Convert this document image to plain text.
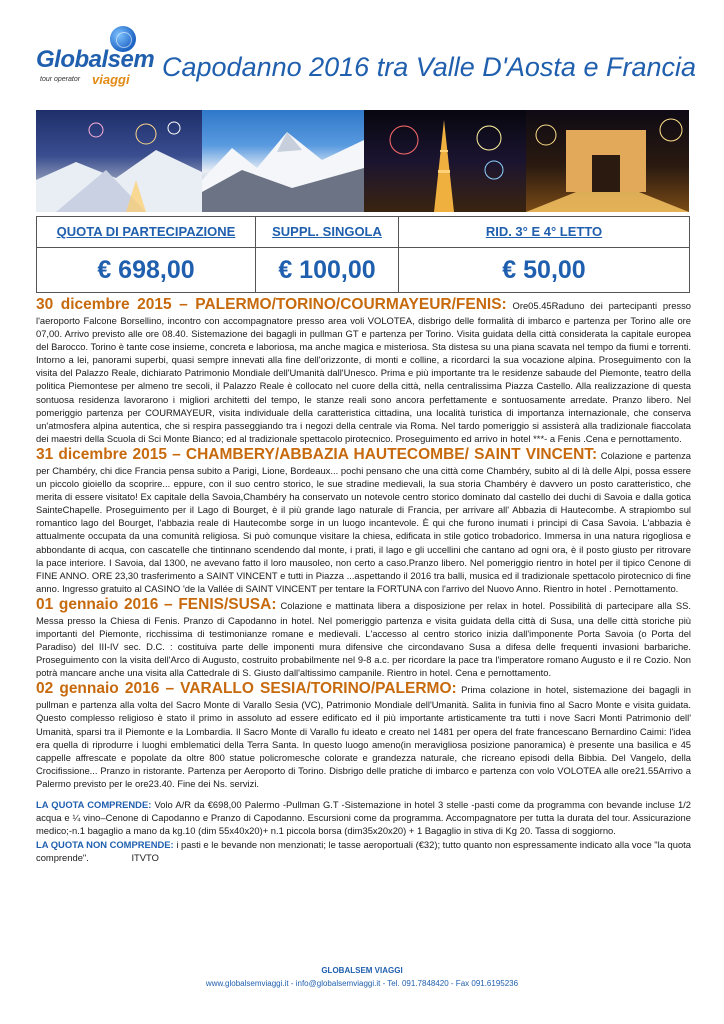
Globalsem
tour operator viaggi Capodanno 2016 tra Valle D'Aosta e Francia
QUOTA DI PARTECIPAZIONE
€ 698,00
SUPPL. SINGOLA
€ 100,00
RID. 3° E 4° LETTO
€ 50,00

30 dicembre 2015 – PALERMO/TORINO/COURMAYEUR/FENIS: Ore05.45Raduno dei partecipanti presso l'aeroporto Falcone Borsellino, incontro con accompagnatore presso area voli VOLOTEA, disbrigo delle formalità di imbarco e partenza per Torino alle ore 07,00. Arrivo previsto alle ore 08.40. Sistemazione dei bagagli in pullman GT e partenza per Torino. Visita guidata della città considerata la capitale europea del Barocco. Torino è tante cose insieme, concreta e laboriosa, ma anche magica e misteriosa. Sta distesa su una piana scavata nel tempo da fiumi e torrenti. Intorno a lei, panorami superbi, quasi sempre innevati alla fine dell'orizzonte, di monti e colline, a ricordarci la sua vocazione alpina. Proseguimento con la visita del Palazzo Reale, dichiarato Patrimonio Mondiale dell'Umanità dall'Unesco. Prima e più importante tra le residenze sabaude del Piemonte, teatro della politica Piemontese per almeno tre secoli, il Palazzo Reale è collocato nel cuore della città, nella centralissima Piazza Castello. Alla realizzazione di questa sontuosa residenza lavorarono i migliori architetti del tempo, le stanze reali sono ancora perfettamente e sontuosamente arredate. Pranzo libero. Nel pomeriggio partenza per COURMAYEUR, visita individuale della caratteristica cittadina, una località turistica di importanza internazionale, che conserva un'atmosfera alpina autentica, che si respira passeggiando tra i negozi della centrale via Roma. Nel tardo pomeriggio si assisterà alla tradizionale fiaccolata dei maestri della Scuola di Sci Monte Bianco; ed al tradizionale spettacolo pirotecnico. Proseguimento ed arrivo in hotel ***- a Fenis .Cena e pernottamento.

31 dicembre 2015 – CHAMBERY/ABBAZIA HAUTECOMBE/ SAINT VINCENT: Colazione e partenza per Chambéry, chi dice Francia pensa subito a Parigi, Lione, Bordeaux... pochi pensano che una città come Chambéry, subito al di là delle Alpi, possa essere un piccolo gioiello da scoprire... eppure, con il suo centro storico, le sue stradine medievali, la sua storia Chambéry è davvero un posto caratteristico, che merita di essere visitato! Ex capitale della Savoia,Chambéry ha conservato un notevole centro storico dominato dal castello dei duchi di Savoia e dalla gotica SainteChapelle. Proseguimento per il Lago di Bourget, è il più grande lago naturale di Francia, per arrivare all' Abbazia di Hautecombe. A strapiombo sul romantico lago del Bourget, l'abbazia reale di Hautecombe sorge in un luogo incantevole. È qui che furono inumati i principi di Casa Savoia. L'abbazia è attualmente occupata da una comunità religiosa. Si può comunque visitare la chiesa, edificata in stile gotico trobadorico. Immersa in una natura rigogliosa e abbondante di acqua, con cascatelle che tintinnano scendendo dal monte, i prati, il lago e gli uccellini che cantano ad ogni ora, è il posto giusto per ritrovare la pace interiore. I Savoia, dal 1300, ne avevano fatto il loro mausoleo, non certo a caso.Pranzo libero. Nel pomeriggio rientro in hotel per il tipico Cenone di FINE ANNO. ORE 23,30 trasferimento a SAINT VINCENT e tutti in Piazza ...aspettando il 2016 tra balli, musica ed il tradizionale spettacolo pirotecnico di fine anno. Ingresso gratuito al CASINO 'de la Vallée di SAINT VINCENT per tentare la FORTUNA con l'arrivo del Nuovo Anno. Rientro in hotel . Pernottamento.

01 gennaio 2016 – FENIS/SUSA: Colazione e mattinata libera a disposizione per relax in hotel. Possibilità di partecipare alla SS. Messa presso la Chiesa di Fenis. Pranzo di Capodanno in hotel. Nel pomeriggio partenza e visita guidata della città di Susa, una delle città storiche più importanti del Piemonte, ricchissima di testimonianze romane e medievali. L'accesso al centro storico inizia dall'imponente Porta Savoia (o Porta del Paradiso) del III-IV sec. D.C. : costituiva parte delle imponenti mura difensive che circondavano Susa a difesa delle frequenti invasioni barbariche. Proseguimento con la visita dell'Arco di Augusto, costruito probabilmente nel 9-8 a.c. per ricordare la pace tra l'imperatore romano Augusto e il re Cozio. Non potrà mancare anche una visita alla Cattedrale di S. Giusto dall'altissimo campanile. Rientro in hotel. Cena e pernottamento.

02 gennaio 2016 – VARALLO SESIA/TORINO/PALERMO: Prima colazione in hotel, sistemazione dei bagagli in pullman e partenza alla volta del Sacro Monte di Varallo Sesia (VC), Patrimonio Mondiale dell'Umanità. Salita in funivia fino al Sacro Monte e visita guidata. Questo complesso religioso è stato il primo in assoluto ad essere edificato ed il più importante artisticamente tra tutti i nove Sacri Monti Patrimonio dell' Umanità, sparsi tra il Piemonte e la Lombardia. Il Sacro Monte di Varallo fu ideato e creato nel 1481 per opera del frate francescano Bernardino Caimi: l'idea era quella di riprodurre i luoghi emblematici della Terra Santa. In questo luogo ameno(in meravigliosa posizione panoramica) è presente una basilica e 45 cappelle affrescate e popolate da oltre 800 statue policromesche colorate e grandezza naturale, che ricreano episodi della Bibbia. Del Vangelo, della Crocifissione... Pranzo in ristorante. Partenza per Aeroporto di Torino. Disbrigo delle pratiche di imbarco e partenza con volo VOLOTEA alle ore21.55Arrivo a Palermo previsto per le ore23.40. Fine dei Ns. servizi.

LA QUOTA COMPRENDE: Volo A/R da €698,00 Palermo -Pullman G.T -Sistemazione in hotel 3 stelle -pasti come da programma con bevande incluse 1/2 acqua e ¼ vino–Cenone di Capodanno e Pranzo di Capodanno. Escursioni come da programma. Accompagnatore per tutta la durata del tour. Assicurazione medico;-n.1 bagaglio a mano da kg.10 (dim 55x40x20)+ n.1 piccola borsa (dim35x20x20) + 1 Bagaglio in stiva di Kg 20. Tassa di soggiorno.

LA QUOTA NON COMPRENDE: i pasti e le bevande non menzionati; le tasse aeroportuali (€32); tutto quanto non espressamente indicato alla voce "la quota comprende".	ITVTO

GLOBALSEM VIAGGI
www.globalsemviaggi.it - info@globalsemviaggi.it - Tel. 091.7848420 - Fax 091.6195236
